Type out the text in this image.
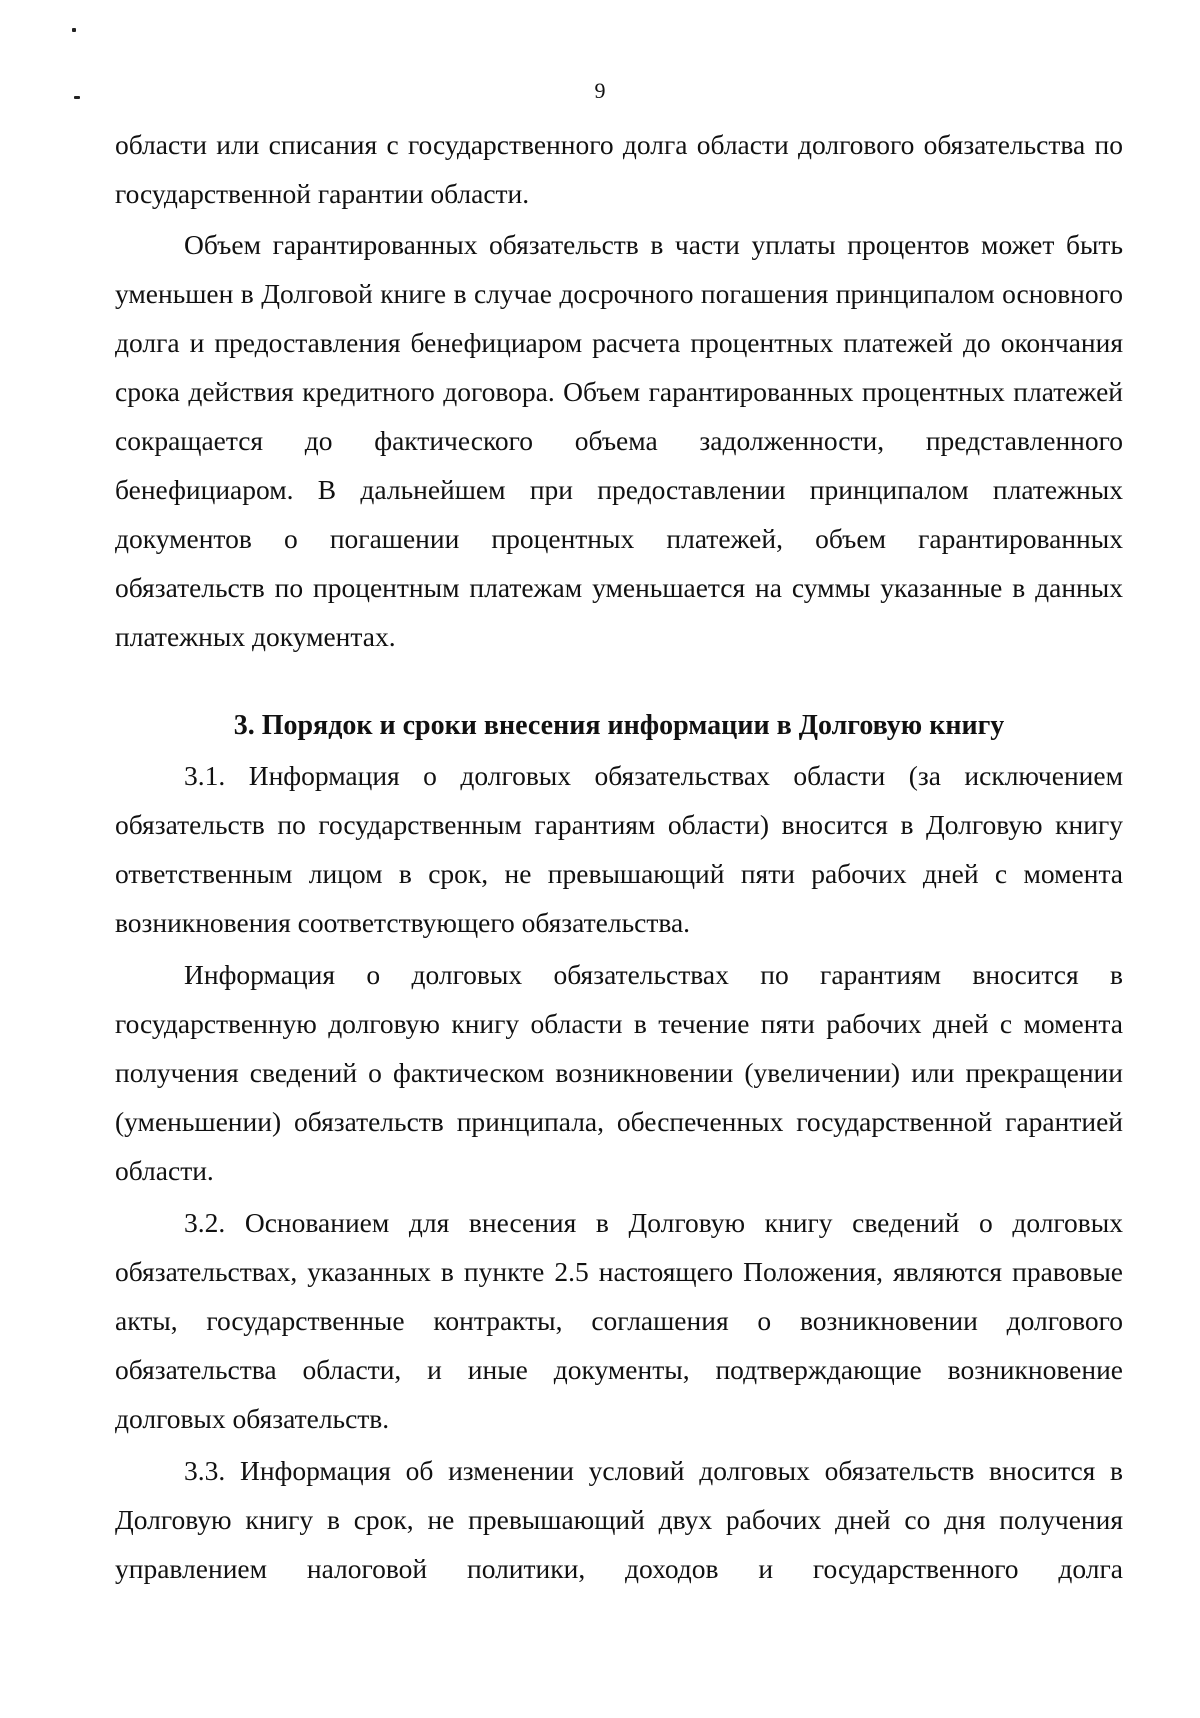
9

области или списания с государственного долга области долгового обязательства по государственной гарантии области.

Объем гарантированных обязательств в части уплаты процентов может быть уменьшен в Долговой книге в случае досрочного погашения принципалом основного долга и предоставления бенефициаром расчета процентных платежей до окончания срока действия кредитного договора. Объем гарантированных процентных платежей сокращается до фактического объема задолженности, представленного бенефициаром. В дальнейшем при предоставлении принципалом платежных документов о погашении процентных платежей, объем гарантированных обязательств по процентным платежам уменьшается на суммы указанные в данных платежных документах.

3. Порядок и сроки внесения информации в Долговую книгу

3.1. Информация о долговых обязательствах области (за исключением обязательств по государственным гарантиям области) вносится в Долговую книгу ответственным лицом в срок, не превышающий пяти рабочих дней с момента возникновения соответствующего обязательства.

Информация о долговых обязательствах по гарантиям вносится в государственную долговую книгу области в течение пяти рабочих дней с момента получения сведений о фактическом возникновении (увеличении) или прекращении (уменьшении) обязательств принципала, обеспеченных государственной гарантией области.

3.2. Основанием для внесения в Долговую книгу сведений о долговых обязательствах, указанных в пункте 2.5 настоящего Положения, являются правовые акты, государственные контракты, соглашения о возникновении долгового обязательства области, и иные документы, подтверждающие возникновение долговых обязательств.

3.3. Информация об изменении условий долговых обязательств вносится в Долговую книгу в срок, не превышающий двух рабочих дней со дня получения управлением налоговой политики, доходов и государственного долга
